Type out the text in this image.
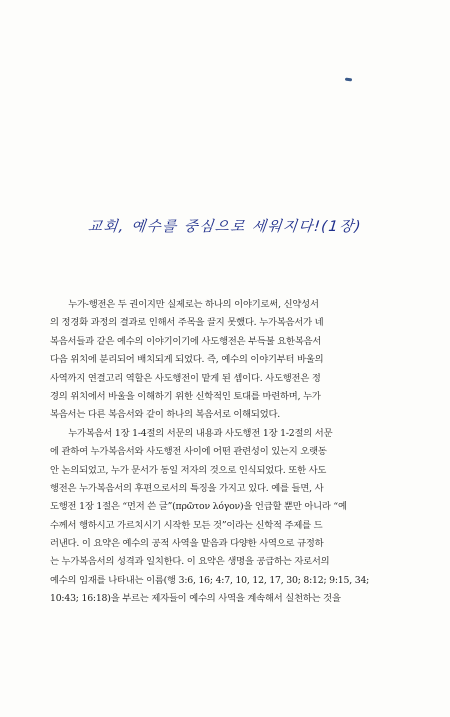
교회, 예수를 중심으로 세워지다!(1장)
　　누가-행전은 두 권이지만 실제로는 하나의 이야기로써, 신약성서
의 정경화 과정의 결과로 인해서 주목을 끌지 못했다. 누가복음서가 네
복음서들과 같은 예수의 이야기이기에 사도행전은 부득불 요한복음서
다음 위치에 분리되어 배치되게 되었다. 즉, 예수의 이야기부터 바울의
사역까지 연결고리 역할은 사도행전이 맡게 된 셈이다. 사도행전은 정
경의 위치에서 바울을 이해하기 위한 신학적인 토대를 마련하며, 누가
복음서는 다른 복음서와 같이 하나의 복음서로 이해되었다.
　　누가복음서 1장 1-4절의 서문의 내용과 사도행전 1장 1-2절의 서문
에 관하여 누가복음서와 사도행전 사이에 어떤 관련성이 있는지 오랫동
안 논의되었고, 누가 문서가 동일 저자의 것으로 인식되었다. 또한 사도
행전은 누가복음서의 후편으로서의 특징을 가지고 있다. 예를 들면, 사
도행전 1장 1절은 “먼저 쓴 글”(πρῶτον λόγον)을 언급할 뿐만 아니라 “예
수께서 행하시고 가르치시기 시작한 모든 것”이라는 신학적 주제를 드
러낸다. 이 요약은 예수의 공적 사역을 맡음과 다양한 사역으로 규정하
는 누가복음서의 성격과 일치한다. 이 요약은 생명을 공급하는 자로서의
예수의 임재를 나타내는 이름(행 3:6, 16; 4:7, 10, 12, 17, 30; 8:12; 9:15, 34;
10:43; 16:18)을 부르는 제자들이 예수의 사역을 계속해서 실천하는 것을
